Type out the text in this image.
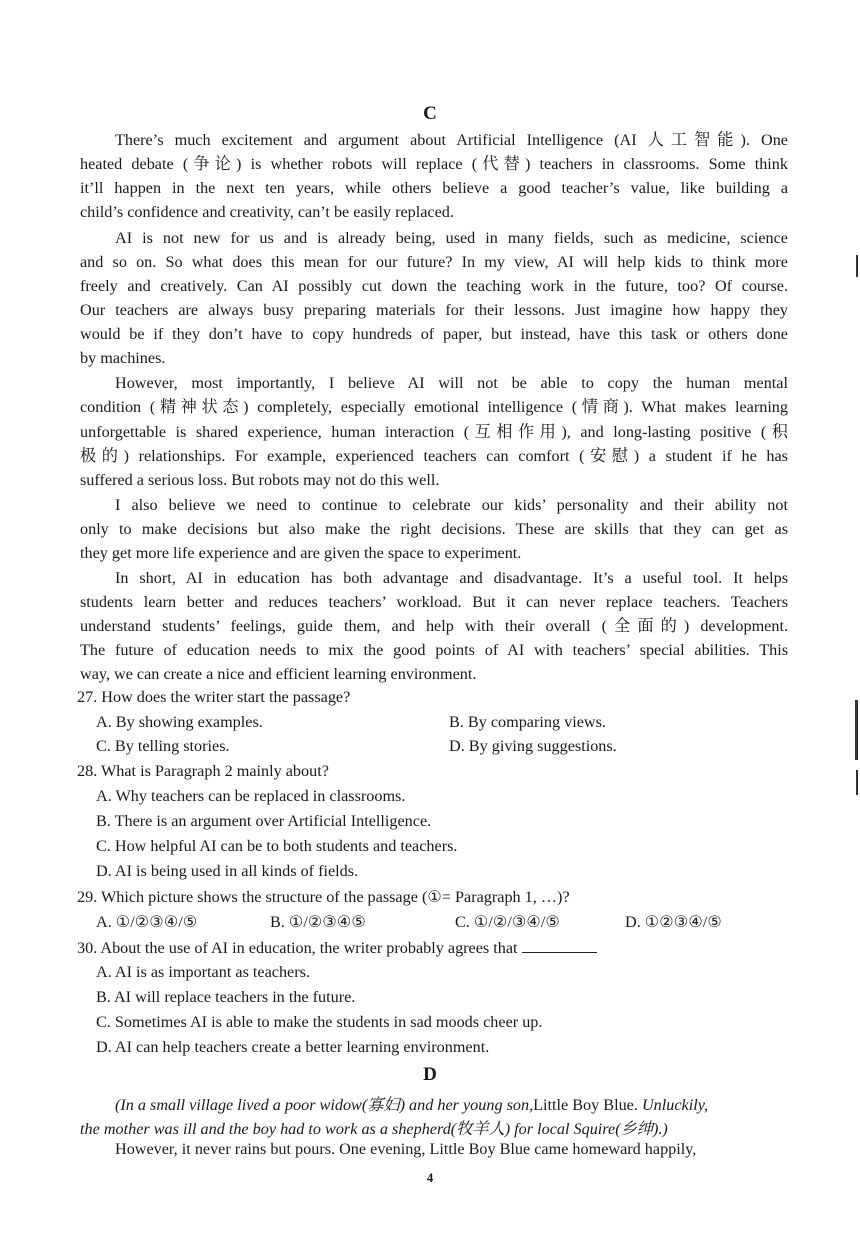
C
There’s much excitement and argument about Artificial Intelligence (AI 人工智能). One
heated debate (争论) is whether robots will replace (代替) teachers in classrooms. Some think
it’ll happen in the next ten years, while others believe a good teacher’s value, like building a
child’s confidence and creativity, can’t be easily replaced.
AI is not new for us and is already being, used in many fields, such as medicine, science
and so on. So what does this mean for our future? In my view, AI will help kids to think more
freely and creatively. Can AI possibly cut down the teaching work in the future, too? Of course.
Our teachers are always busy preparing materials for their lessons. Just imagine how happy they
would be if they don’t have to copy hundreds of paper, but instead, have this task or others done
by machines.
However, most importantly, I believe AI will not be able to copy the human mental
condition (精神状态) completely, especially emotional intelligence (情商). What makes learning
unforgettable is shared experience, human interaction (互相作用), and long-lasting positive (积
极的) relationships. For example, experienced teachers can comfort (安慰) a student if he has
suffered a serious loss. But robots may not do this well.
I also believe we need to continue to celebrate our kids’ personality and their ability not
only to make decisions but also make the right decisions. These are skills that they can get as
they get more life experience and are given the space to experiment.
In short, AI in education has both advantage and disadvantage. It’s a useful tool. It helps
students learn better and reduces teachers’ workload. But it can never replace teachers. Teachers
understand students’ feelings, guide them, and help with their overall (全面的) development.
The future of education needs to mix the good points of AI with teachers’ special abilities. This
way, we can create a nice and efficient learning environment.
27. How does the writer start the passage?
A. By showing examples.	B. By comparing views.
C. By telling stories.	D. By giving suggestions.
28. What is Paragraph 2 mainly about?
A. Why teachers can be replaced in classrooms.
B. There is an argument over Artificial Intelligence.
C. How helpful AI can be to both students and teachers.
D. AI is being used in all kinds of fields.
29. Which picture shows the structure of the passage (①= Paragraph 1, …)?
A. ①/②③④/⑤	B. ①/②③④⑤	C. ①/②/③④/⑤	D. ①②③④/⑤
30. About the use of AI in education, the writer probably agrees that
A. AI is as important as teachers.
B. AI will replace teachers in the future.
C. Sometimes AI is able to make the students in sad moods cheer up.
D. AI can help teachers create a better learning environment.
D
(In a small village lived a poor widow(寡妇) and her young son,Little Boy Blue. Unluckily,
the mother was ill and the boy had to work as a shepherd(牧羊人) for local Squire(乡绅).)
However, it never rains but pours. One evening, Little Boy Blue came homeward happily,
4
